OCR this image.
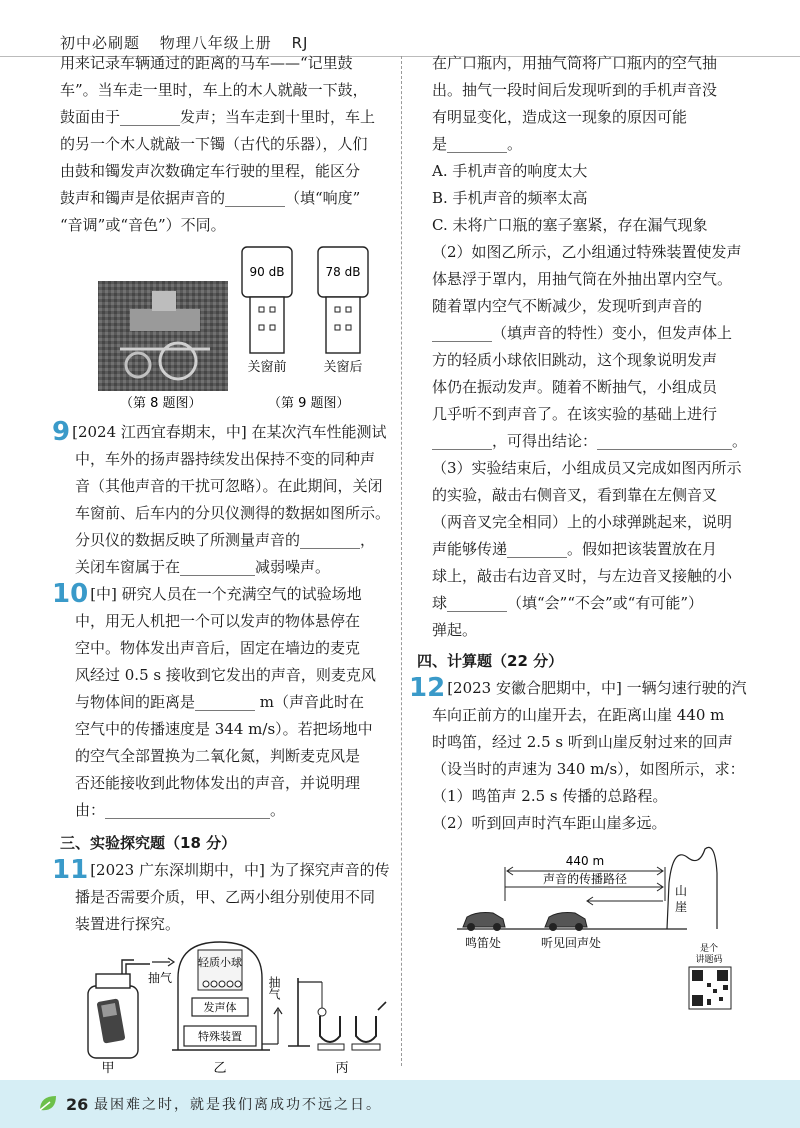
初中必刷题 物理八年级上册 RJ

用来记录车辆通过的距离的马车——“记里鼓

车”。当车走一里时，车上的木人就敲一下鼓，

鼓面由于________发声；当车走到十里时，车上

的另一个木人就敲一下镯（古代的乐器），人们

由鼓和镯发声次数确定车行驶的里程，能区分

鼓声和镯声是依据声音的________（填“响度”

“音调”或“音色”）不同。

（第 8 题图）
90 dB
关窗前
78 dB
关窗后
（第 9 题图）

9 [2024 江西宜春期末，中] 在某次汽车性能测试

中，车外的扬声器持续发出保持不变的同种声

音（其他声音的干扰可忽略）。在此期间，关闭

车窗前、后车内的分贝仪测得的数据如图所示。

分贝仪的数据反映了所测量声音的________，

关闭车窗属于在__________减弱噪声。

10 [中] 研究人员在一个充满空气的试验场地

中，用无人机把一个可以发声的物体悬停在

空中。物体发出声音后，固定在墙边的麦克

风经过 0.5 s 接收到它发出的声音，则麦克风

与物体间的距离是________ m（声音此时在

空气中的传播速度是 344 m/s）。若把场地中

的空气全部置换为二氧化氮，判断麦克风是

否还能接收到此物体发出的声音，并说明理

由：______________________。

三、实验探究题（18 分）

11 [2023 广东深圳期中，中] 为了探究声音的传

播是否需要介质，甲、乙两小组分别使用不同

装置进行探究。

抽气
甲
轻质小球
发声体
特殊装置
抽气
乙	丙

在广口瓶内，用抽气筒将广口瓶内的空气抽

出。抽气一段时间后发现听到的手机声音没

有明显变化，造成这一现象的原因可能

是________。

A. 手机声音的响度太大

B. 手机声音的频率太高

C. 未将广口瓶的塞子塞紧，存在漏气现象

（2）如图乙所示，乙小组通过特殊装置使发声

体悬浮于罩内，用抽气筒在外抽出罩内空气。

随着罩内空气不断减少，发现听到声音的

________（填声音的特性）变小，但发声体上

方的轻质小球依旧跳动，这个现象说明发声

体仍在振动发声。随着不断抽气，小组成员

几乎听不到声音了。在该实验的基础上进行

________，可得出结论：__________________。

（3）实验结束后，小组成员又完成如图丙所示

的实验，敲击右侧音叉，看到靠在左侧音叉

（两音叉完全相同）上的小球弹跳起来，说明

声能够传递________。假如把该装置放在月

球上，敲击右边音叉时，与左边音叉接触的小

球________（填“会”“不会”或“有可能”）

弹起。

四、计算题（22 分）

12 [2023 安徽合肥期中，中] 一辆匀速行驶的汽

车向正前方的山崖开去，在距离山崖 440 m

时鸣笛，经过 2.5 s 听到山崖反射过来的回声

（设当时的声速为 340 m/s），如图所示，求：

（1）鸣笛声 2.5 s 传播的总路程。

（2）听到回声时汽车距山崖多远。

440 m
声音的传播路径
山
崖
鸣笛处	听见回声处	是个
讲题码
26 最困难之时，就是我们离成功不远之日。
